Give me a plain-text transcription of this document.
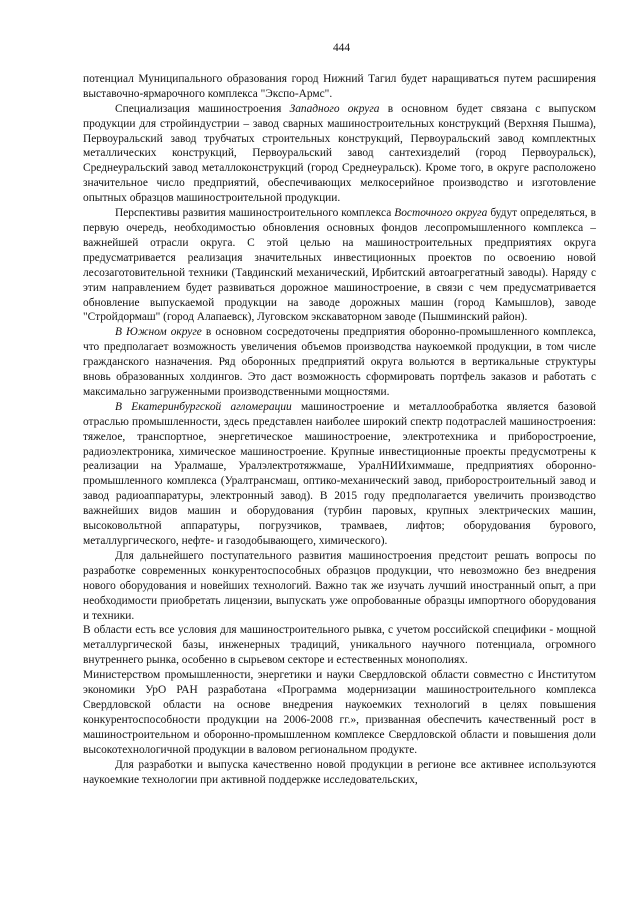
444

потенциал Муниципального образования город Нижний Тагил будет наращиваться путем расширения выставочно-ярмарочного комплекса "Экспо-Армс".

Специализация машиностроения Западного округа в основном будет связана с выпуском продукции для стройиндустрии – завод сварных машиностроительных конструкций (Верхняя Пышма), Первоуральский завод трубчатых строительных конструкций, Первоуральский завод комплектных металлических конструкций, Первоуральский завод сантехизделий (город Первоуральск), Среднеуральский завод металлоконструкций (город Среднеуральск). Кроме того, в округе расположено значительное число предприятий, обеспечивающих мелкосерийное производство и изготовление опытных образцов машиностроительной продукции.

Перспективы развития машиностроительного комплекса Восточного округа будут определяться, в первую очередь, необходимостью обновления основных фондов лесопромышленного комплекса – важнейшей отрасли округа. С этой целью на машиностроительных предприятиях округа предусматривается реализация значительных инвестиционных проектов по освоению новой лесозаготовительной техники (Тавдинский механический, Ирбитский автоагрегатный заводы). Наряду с этим направлением будет развиваться дорожное машиностроение, в связи с чем предусматривается обновление выпускаемой продукции на заводе дорожных машин (город Камышлов), заводе "Стройдормаш" (город Алапаевск), Луговском экскаваторном заводе (Пышминский район).

В Южном округе в основном сосредоточены предприятия оборонно-промышленного комплекса, что предполагает возможность увеличения объемов производства наукоемкой продукции, в том числе гражданского назначения. Ряд оборонных предприятий округа вольются в вертикальные структуры вновь образованных холдингов. Это даст возможность сформировать портфель заказов и работать с максимально загруженными производственными мощностями.

В Екатеринбургской агломерации машиностроение и металлообработка является базовой отраслью промышленности, здесь представлен наиболее широкий спектр подотраслей машиностроения: тяжелое, транспортное, энергетическое машиностроение, электротехника и приборостроение, радиоэлектроника, химическое машиностроение. Крупные инвестиционные проекты предусмотрены к реализации на Уралмаше, Уралэлектротяжмаше, УралНИИхиммаше, предприятиях оборонно-промышленного комплекса (Уралтрансмаш, оптико-механический завод, приборостроительный завод и завод радиоаппаратуры, электронный завод). В 2015 году предполагается увеличить производство важнейших видов машин и оборудования (турбин паровых, крупных электрических машин, высоковольтной аппаратуры, погрузчиков, трамваев, лифтов; оборудования бурового, металлургического, нефте- и газодобывающего, химического).

Для дальнейшего поступательного развития машиностроения предстоит решать вопросы по разработке современных конкурентоспособных образцов продукции, что невозможно без внедрения нового оборудования и новейших технологий. Важно так же изучать лучший иностранный опыт, а при необходимости приобретать лицензии, выпускать уже опробованные образцы импортного оборудования и техники.

В области есть все условия для машиностроительного рывка, с учетом российской специфики - мощной металлургической базы, инженерных традиций, уникального научного потенциала, огромного внутреннего рынка, особенно в сырьевом секторе и естественных монополиях.

Министерством промышленности, энергетики и науки Свердловской области совместно с Институтом экономики УрО РАН разработана «Программа модернизации машиностроительного комплекса Свердловской области на основе внедрения наукоемких технологий в целях повышения конкурентоспособности продукции на 2006-2008 гг.», призванная обеспечить качественный рост в машиностроительном и оборонно-промышленном комплексе Свердловской области и повышения доли высокотехнологичной продукции в валовом региональном продукте.

Для разработки и выпуска качественно новой продукции в регионе все активнее используются наукоемкие технологии при активной поддержке исследовательских,
